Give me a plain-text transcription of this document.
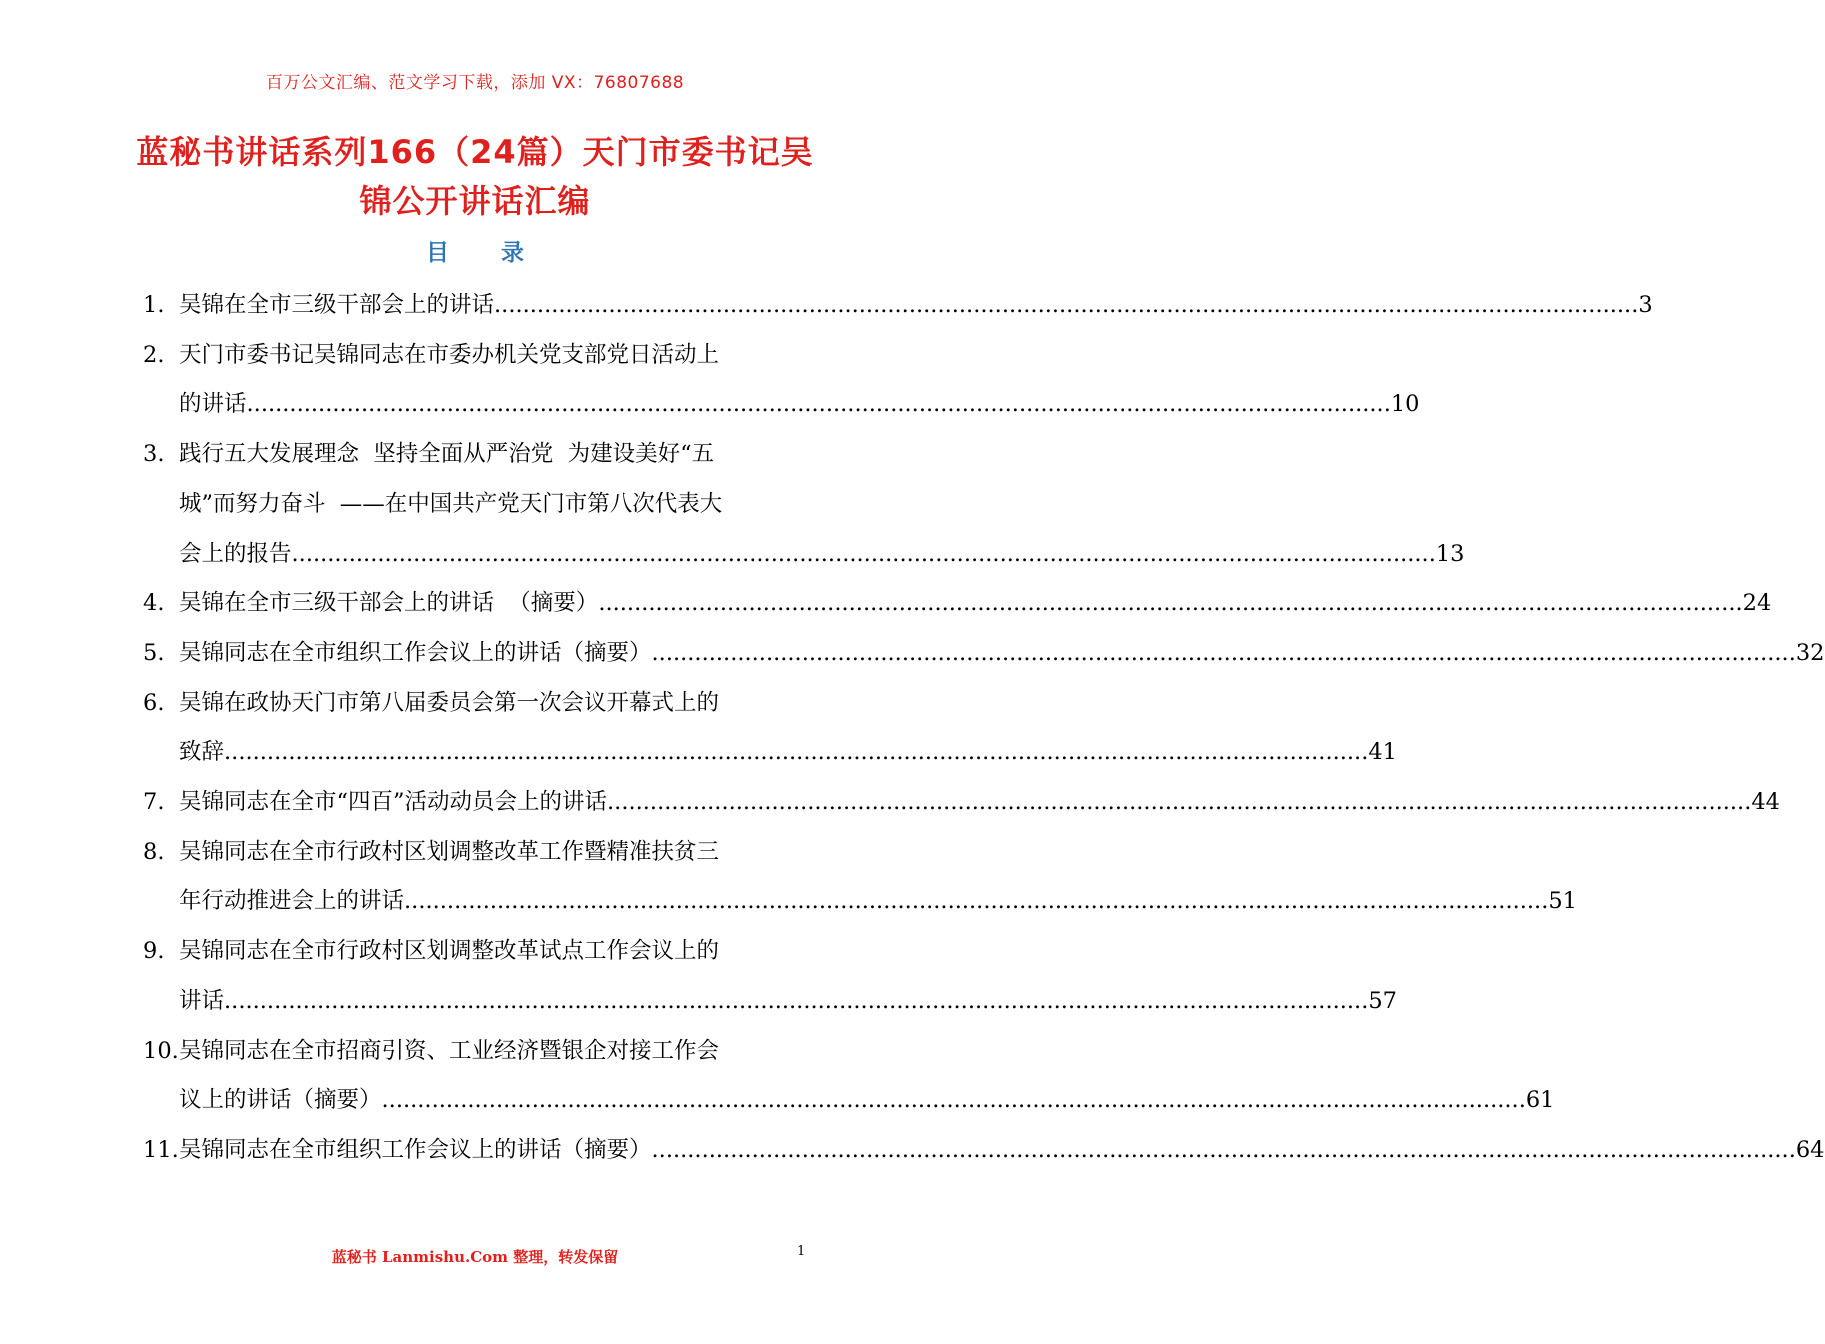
百万公文汇编、范文学习下载，添加 VX：76807688
蓝秘书讲话系列166（24篇）天门市委书记吴锦公开讲话汇编
目 录
1. 吴锦在全市三级干部会上的讲话 .....	3
2. 天门市委书记吴锦同志在市委办机关党支部党日活动上
的讲话 .....	10
3. 践行五大发展理念  坚持全面从严治党  为建设美好“五
城”而努力奋斗  ——在中国共产党天门市第八次代表大
会上的报告 .....	13
4. 吴锦在全市三级干部会上的讲话  （摘要） .....	24
5. 吴锦同志在全市组织工作会议上的讲话（摘要） .....	32
6. 吴锦在政协天门市第八届委员会第一次会议开幕式上的
致辞 .....	41
7. 吴锦同志在全市“四百”活动动员会上的讲话 .....	44
8. 吴锦同志在全市行政村区划调整改革工作暨精准扶贫三
年行动推进会上的讲话 .....	51
9. 吴锦同志在全市行政村区划调整改革试点工作会议上的
讲话 .....	57
10. 吴锦同志在全市招商引资、工业经济暨银企对接工作会
议上的讲话（摘要） .....	61
11. 吴锦同志在全市组织工作会议上的讲话（摘要） .....	64
蓝秘书 Lanmishu.Com 整理，转发保留	1
